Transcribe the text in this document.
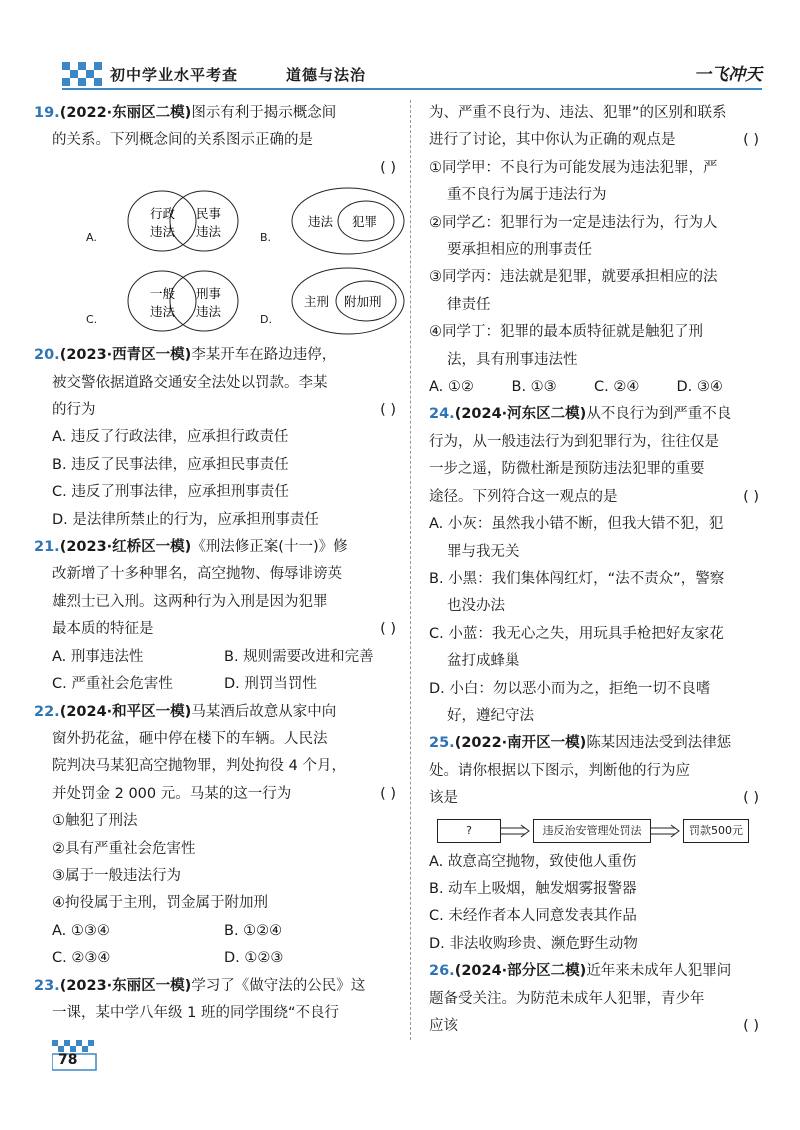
初中学业水平考查	道德与法治	一飞冲天
19.(2022·东丽区二模)图示有利于揭示概念间
的关系。下列概念间的关系图示正确的是
( )
A.
行政
违法
民事
违法	B.
违法 犯罪
C.
一般
违法
刑事
违法
D.
主刑 附加刑
20.(2023·西青区一模)李某开车在路边违停，
被交警依据道路交通安全法处以罚款。李某
的行为	( )
A. 违反了行政法律，应承担行政责任
B. 违反了民事法律，应承担民事责任
C. 违反了刑事法律，应承担刑事责任
D. 是法律所禁止的行为，应承担刑事责任
21.(2023·红桥区一模)《刑法修正案(十一)》修
改新增了十多种罪名，高空抛物、侮辱诽谤英
雄烈士已入刑。这两种行为入刑是因为犯罪
最本质的特征是	( )
A. 刑事违法性	B. 规则需要改进和完善
C. 严重社会危害性	D. 刑罚当罚性
22.(2024·和平区一模)马某酒后故意从家中向
窗外扔花盆，砸中停在楼下的车辆。人民法
院判决马某犯高空抛物罪，判处拘役 4 个月，
并处罚金 2 000 元。马某的这一行为	( )
①触犯了刑法
②具有严重社会危害性
③属于一般违法行为
④拘役属于主刑，罚金属于附加刑
A. ①③④	B. ①②④
C. ②③④	D. ①②③
23.(2023·东丽区一模)学习了《做守法的公民》这
一课，某中学八年级 1 班的同学围绕“不良行
为、严重不良行为、违法、犯罪”的区别和联系
进行了讨论，其中你认为正确的观点是	( )
①同学甲：不良行为可能发展为违法犯罪，严
重不良行为属于违法行为
②同学乙：犯罪行为一定是违法行为，行为人
要承担相应的刑事责任
③同学丙：违法就是犯罪，就要承担相应的法
律责任
④同学丁：犯罪的最本质特征就是触犯了刑
法，具有刑事违法性
A. ①②	B. ①③	C. ②④	D. ③④
24.(2024·河东区二模)从不良行为到严重不良
行为，从一般违法行为到犯罪行为，往往仅是
一步之遥，防微杜渐是预防违法犯罪的重要
途径。下列符合这一观点的是	( )
A. 小灰：虽然我小错不断，但我大错不犯，犯
罪与我无关
B. 小黑：我们集体闯红灯，“法不责众”，警察
也没办法
C. 小蓝：我无心之失，用玩具手枪把好友家花
盆打成蜂巢
D. 小白：勿以恶小而为之，拒绝一切不良嗜
好，遵纪守法
25.(2022·南开区一模)陈某因违法受到法律惩
处。请你根据以下图示，判断他的行为应
该是	( )
?	违反治安管理处罚法	罚款500元
A. 故意高空抛物，致使他人重伤
B. 动车上吸烟，触发烟雾报警器
C. 未经作者本人同意发表其作品
D. 非法收购珍贵、濒危野生动物
26.(2024·部分区二模)近年来未成年人犯罪问
题备受关注。为防范未成年人犯罪，青少年
应该	( )
78
